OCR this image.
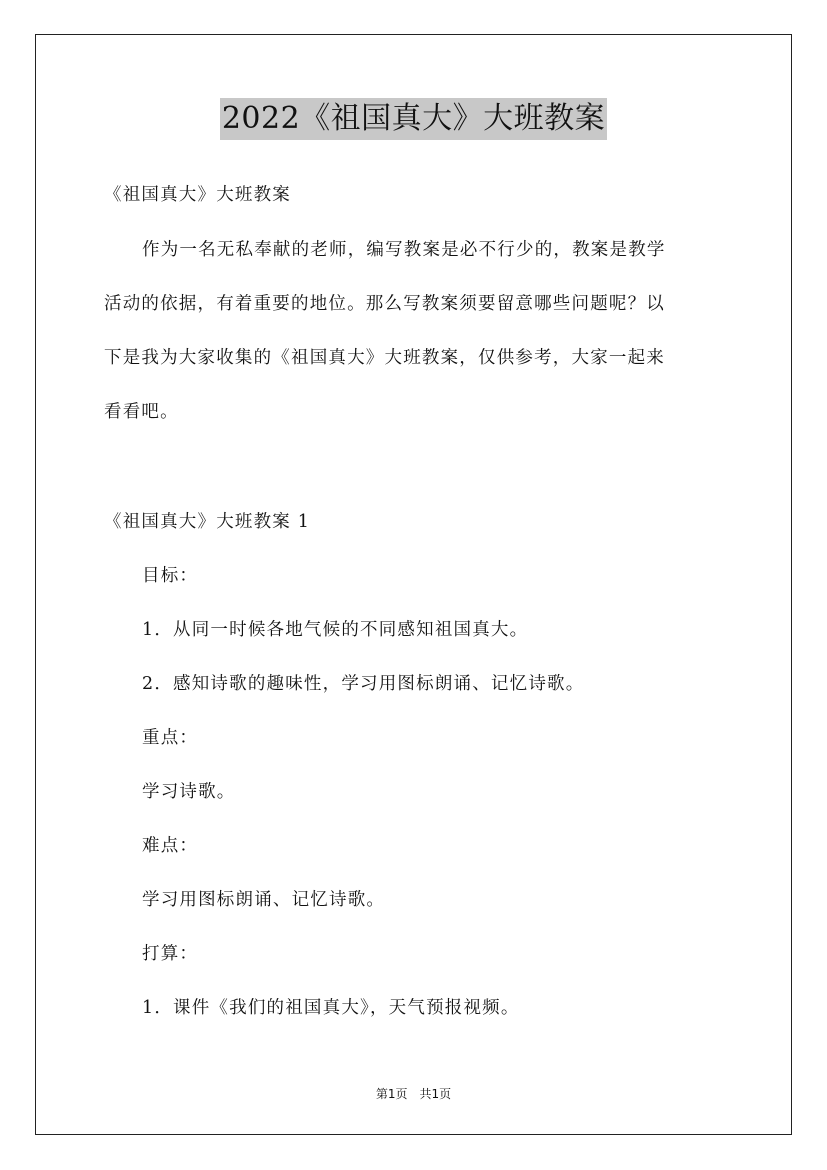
2022《祖国真大》大班教案
《祖国真大》大班教案
作为一名无私奉献的老师，编写教案是必不行少的，教案是教学
活动的依据，有着重要的地位。那么写教案须要留意哪些问题呢？以
下是我为大家收集的《祖国真大》大班教案，仅供参考，大家一起来
看看吧。
《祖国真大》大班教案 1
目标：
1．从同一时候各地气候的不同感知祖国真大。
2．感知诗歌的趣味性，学习用图标朗诵、记忆诗歌。
重点：
学习诗歌。
难点：
学习用图标朗诵、记忆诗歌。
打算：
1．课件《我们的祖国真大》，天气预报视频。
第1页　共1页
